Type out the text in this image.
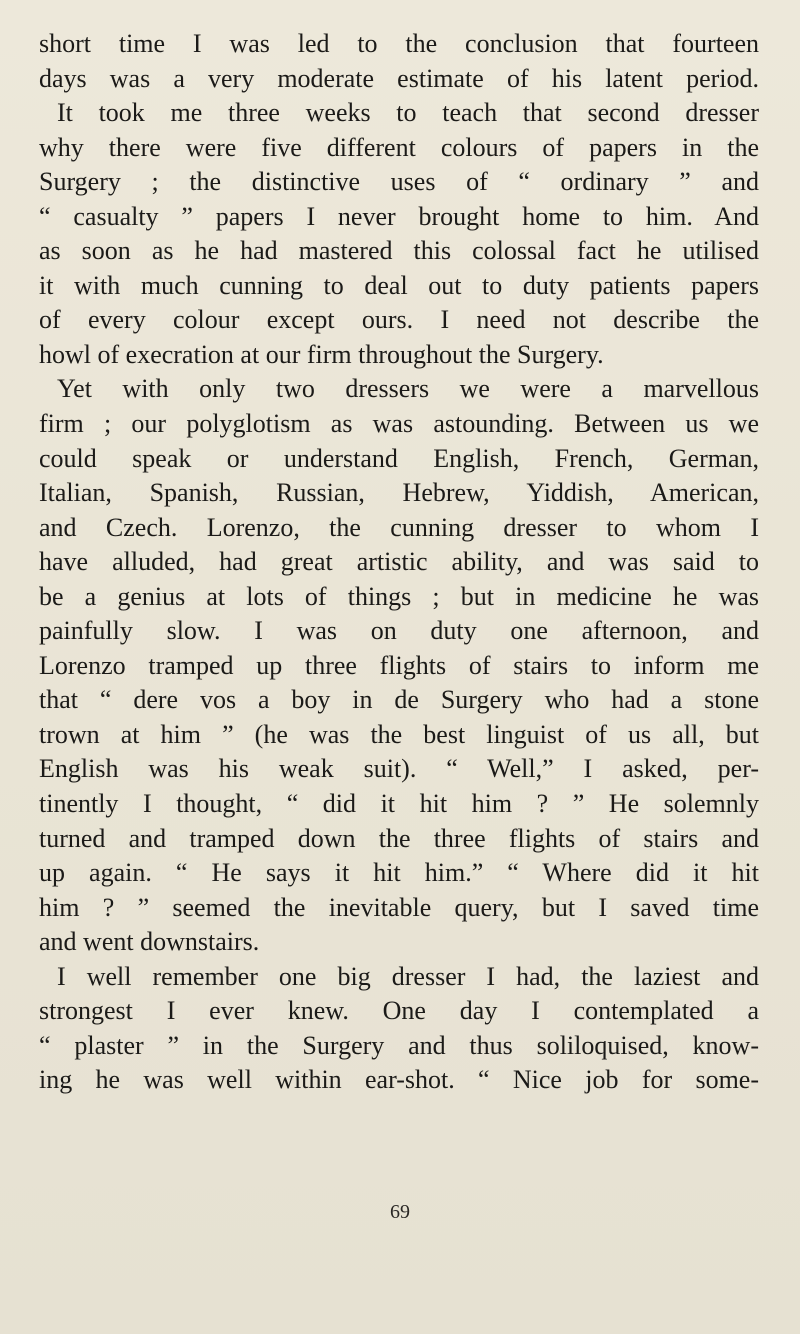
short time I was led to the conclusion that fourteen
days was a very moderate estimate of his latent period.
It took me three weeks to teach that second dresser
why there were five different colours of papers in the
Surgery ; the distinctive uses of “ ordinary ” and
“ casualty ” papers I never brought home to him. And
as soon as he had mastered this colossal fact he utilised
it with much cunning to deal out to duty patients papers
of every colour except ours. I need not describe the
howl of execration at our firm throughout the Surgery.
Yet with only two dressers we were a marvellous
firm ; our polyglotism as was astounding. Between us we
could speak or understand English, French, German,
Italian, Spanish, Russian, Hebrew, Yiddish, American,
and Czech. Lorenzo, the cunning dresser to whom I
have alluded, had great artistic ability, and was said to
be a genius at lots of things ; but in medicine he was
painfully slow. I was on duty one afternoon, and
Lorenzo tramped up three flights of stairs to inform me
that “ dere vos a boy in de Surgery who had a stone
trown at him ” (he was the best linguist of us all, but
English was his weak suit). “ Well,” I asked, per-
tinently I thought, “ did it hit him ? ” He solemnly
turned and tramped down the three flights of stairs and
up again. “ He says it hit him.” “ Where did it hit
him ? ” seemed the inevitable query, but I saved time
and went downstairs.
I well remember one big dresser I had, the laziest and
strongest I ever knew. One day I contemplated a
“ plaster ” in the Surgery and thus soliloquised, know-
ing he was well within ear-shot. “ Nice job for some-
69
